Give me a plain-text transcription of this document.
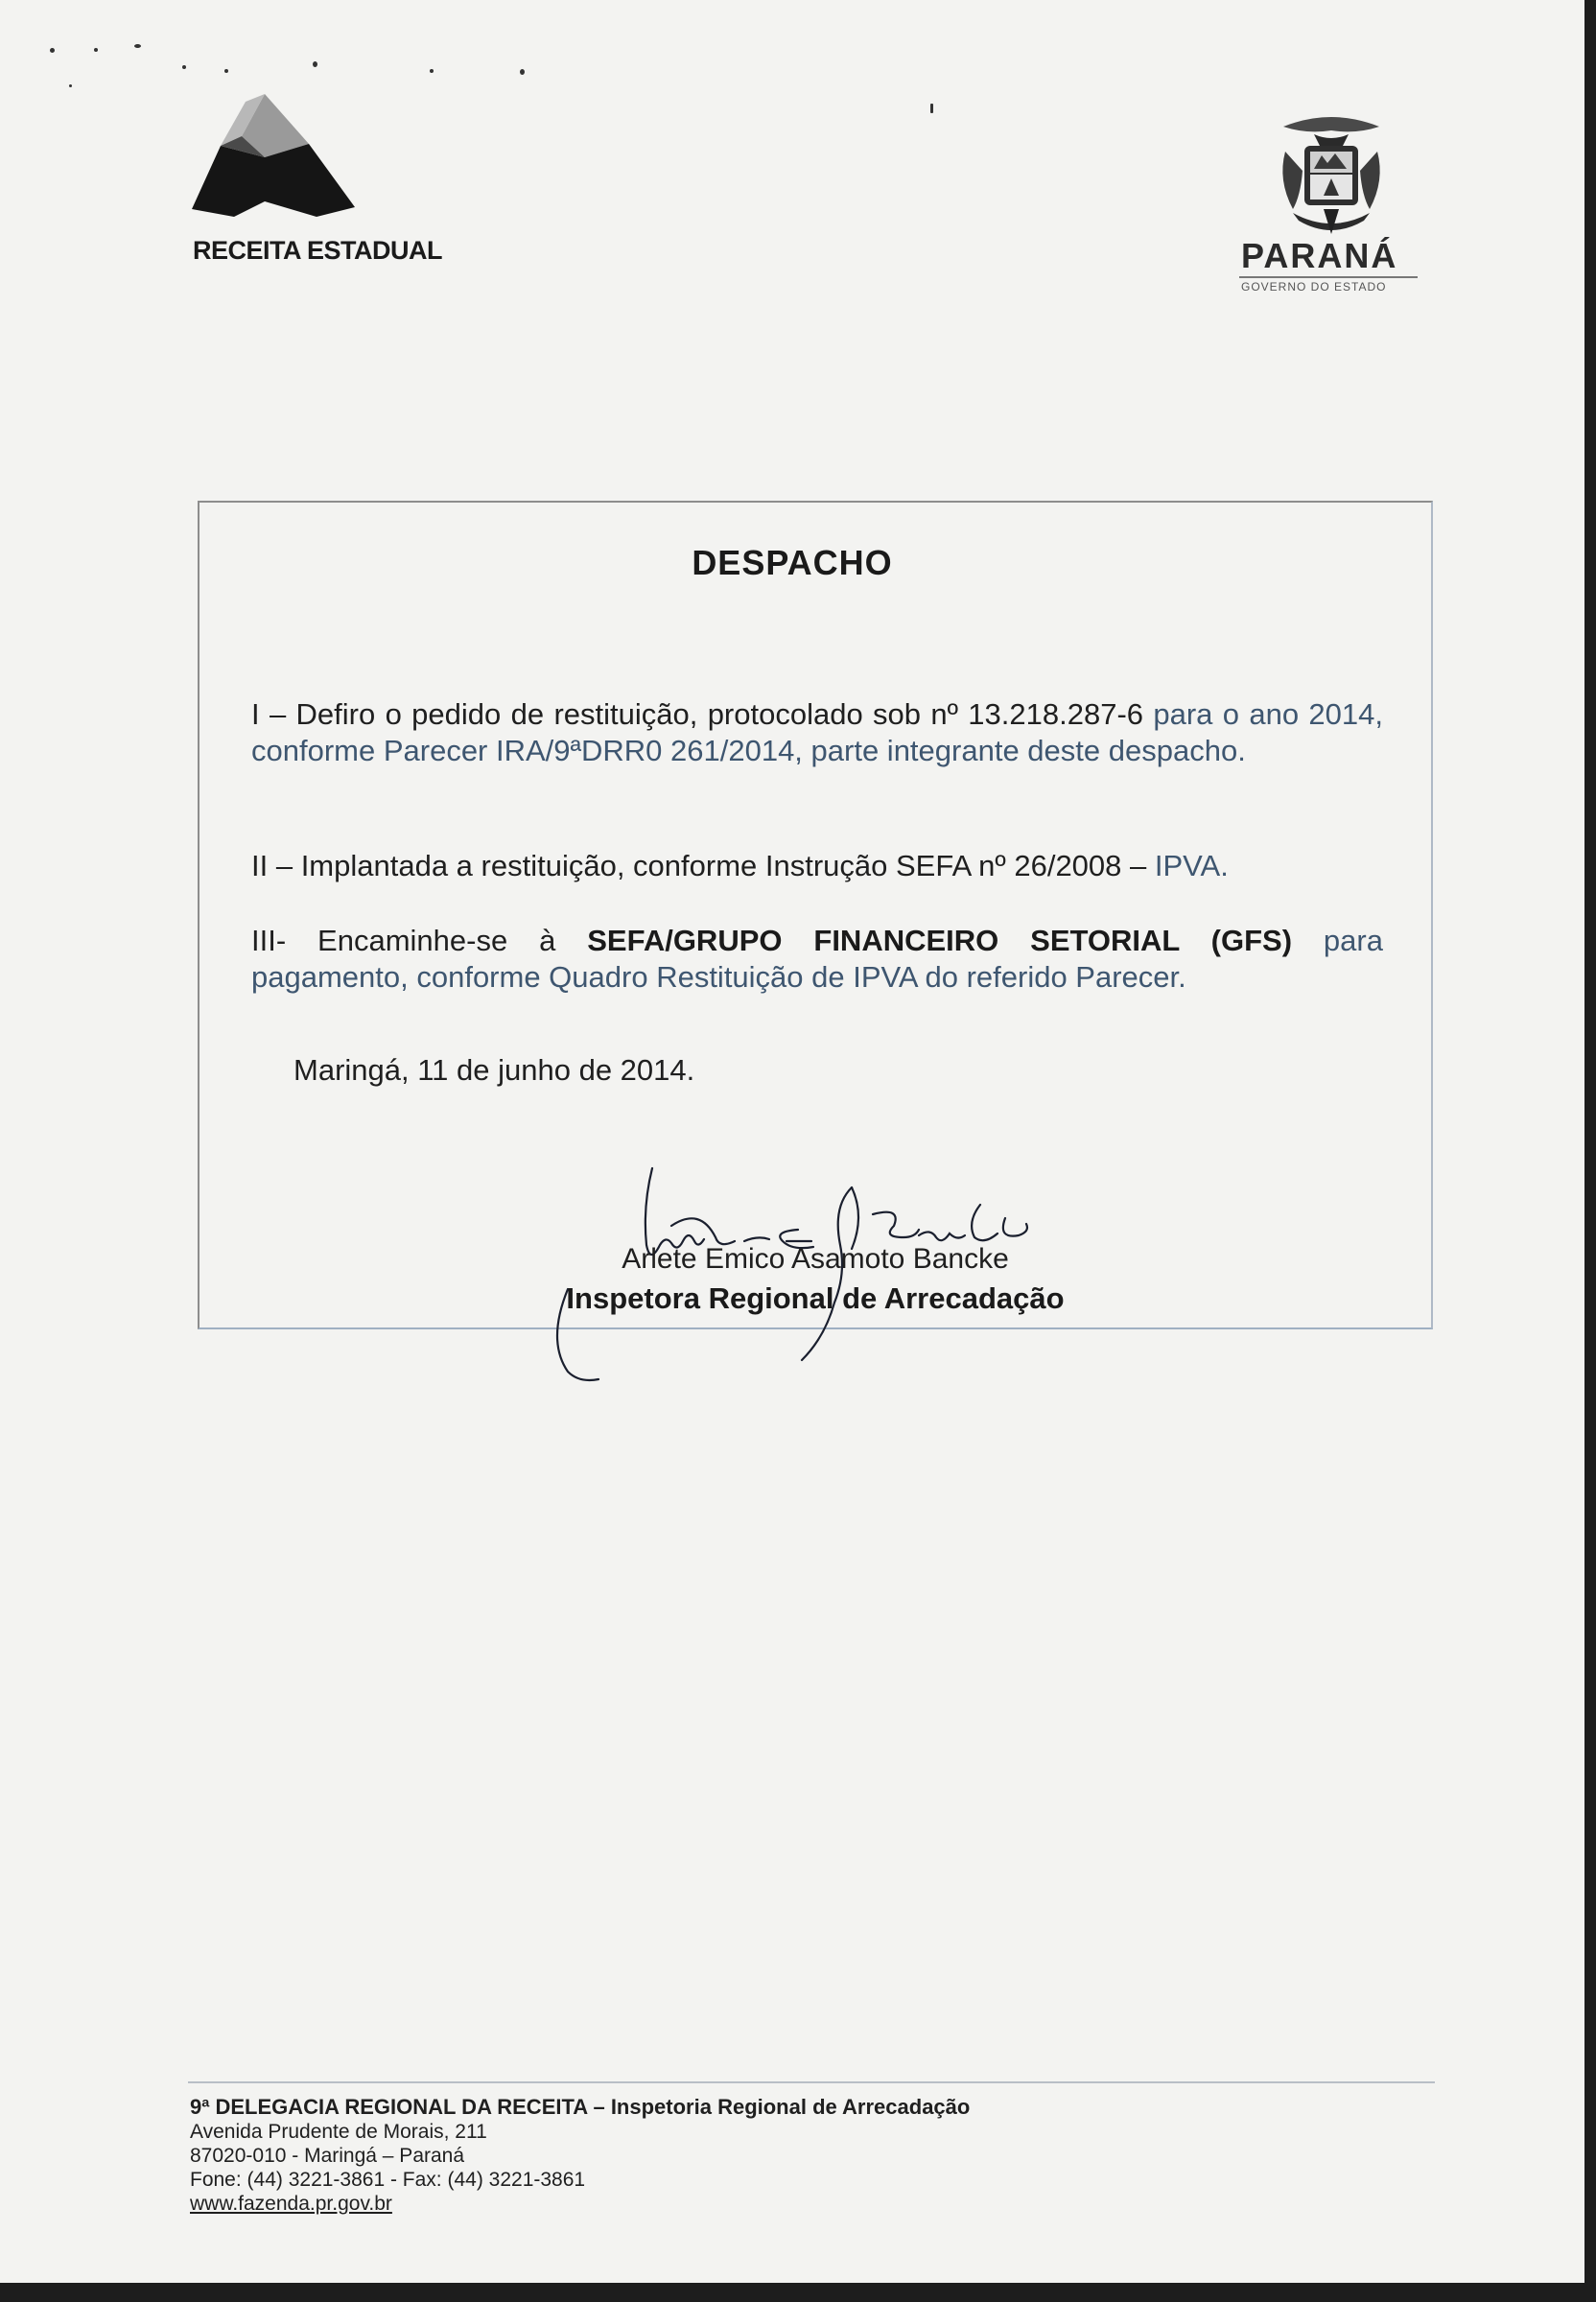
RECEITA ESTADUAL	PARANÁ
GOVERNO DO ESTADO
DESPACHO
I – Defiro o pedido de restituição, protocolado sob nº 13.218.287-6 para o ano 2014, conforme Parecer IRA/9ªDRR0 261/2014, parte integrante deste despacho.
II – Implantada a restituição, conforme Instrução SEFA nº 26/2008 – IPVA.
III- Encaminhe-se à SEFA/GRUPO FINANCEIRO SETORIAL (GFS) para pagamento, conforme Quadro Restituição de IPVA do referido Parecer.
Maringá, 11 de junho de 2014.
Arlete Emico Asamoto Bancke
Inspetora Regional de Arrecadação
9ª DELEGACIA REGIONAL DA RECEITA – Inspetoria Regional de Arrecadação
Avenida Prudente de Morais, 211
87020-010 - Maringá – Paraná
Fone: (44) 3221-3861 - Fax: (44) 3221-3861
www.fazenda.pr.gov.br
